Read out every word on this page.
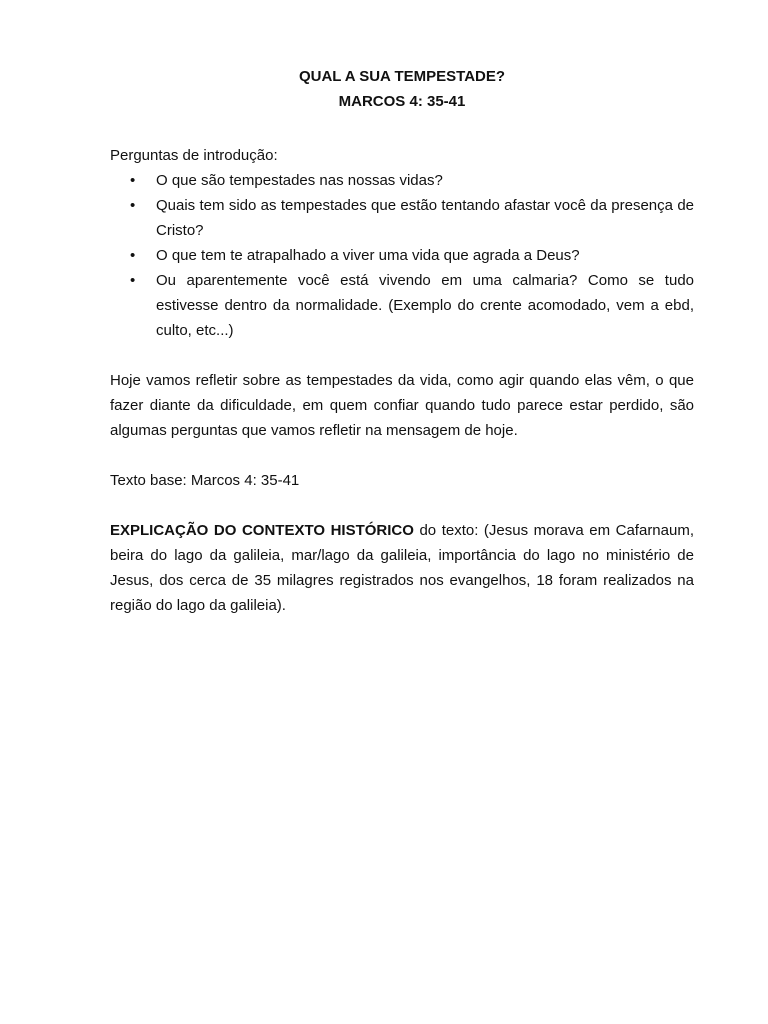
QUAL A SUA TEMPESTADE?

MARCOS 4: 35-41

Perguntas de introdução:

• O que são tempestades nas nossas vidas?
• Quais tem sido as tempestades que estão tentando afastar você da presença de Cristo?
• O que tem te atrapalhado a viver uma vida que agrada a Deus?
• Ou aparentemente você está vivendo em uma calmaria? Como se tudo estivesse dentro da normalidade. (Exemplo do crente acomodado, vem a ebd, culto, etc...)

Hoje vamos refletir sobre as tempestades da vida, como agir quando elas vêm, o que fazer diante da dificuldade, em quem confiar quando tudo parece estar perdido, são algumas perguntas que vamos refletir na mensagem de hoje.

Texto base: Marcos 4: 35-41

EXPLICAÇÃO DO CONTEXTO HISTÓRICO do texto: (Jesus morava em Cafarnaum, beira do lago da galileia, mar/lago da galileia, importância do lago no ministério de Jesus, dos cerca de 35 milagres registrados nos evangelhos, 18 foram realizados na região do lago da galileia).
